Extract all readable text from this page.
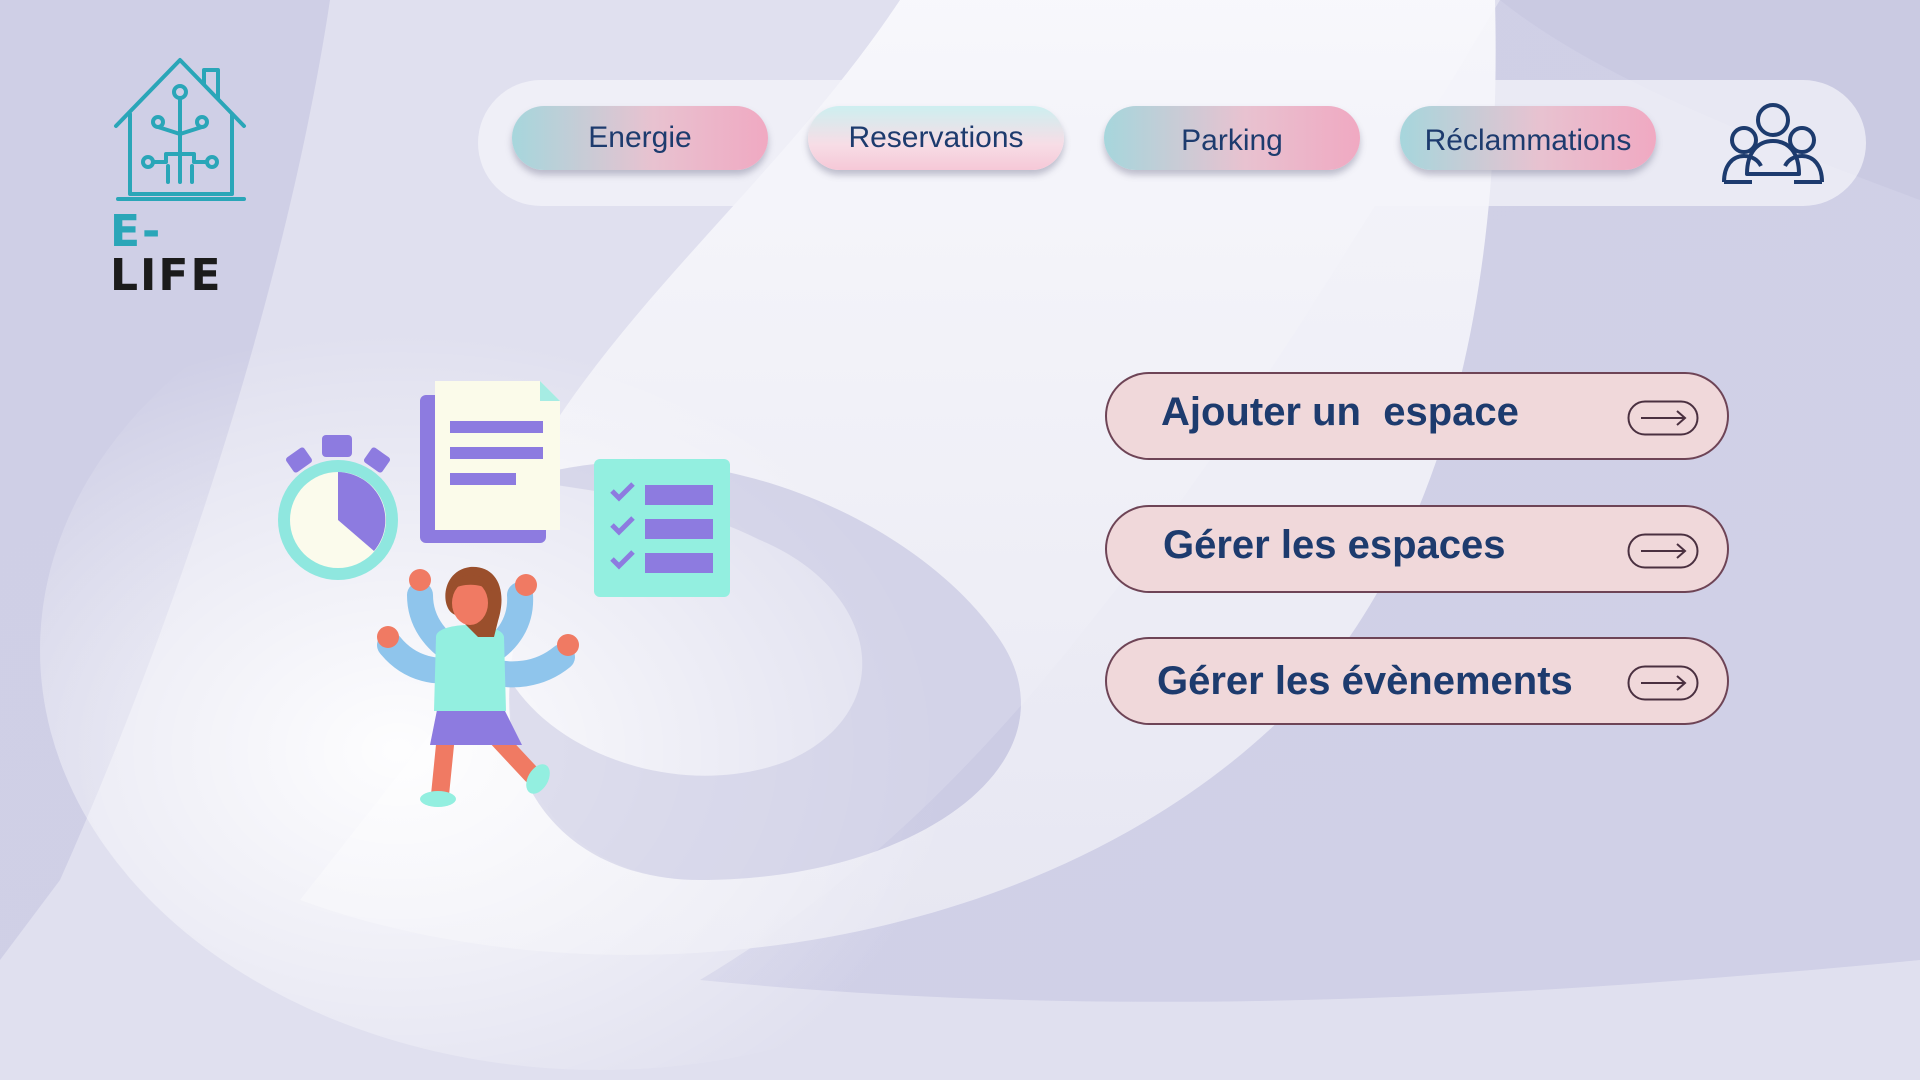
E-LIFE
Energie	Reservations	Parking	Réclammations
Ajouter un  espace
Gérer les espaces
Gérer les évènements
